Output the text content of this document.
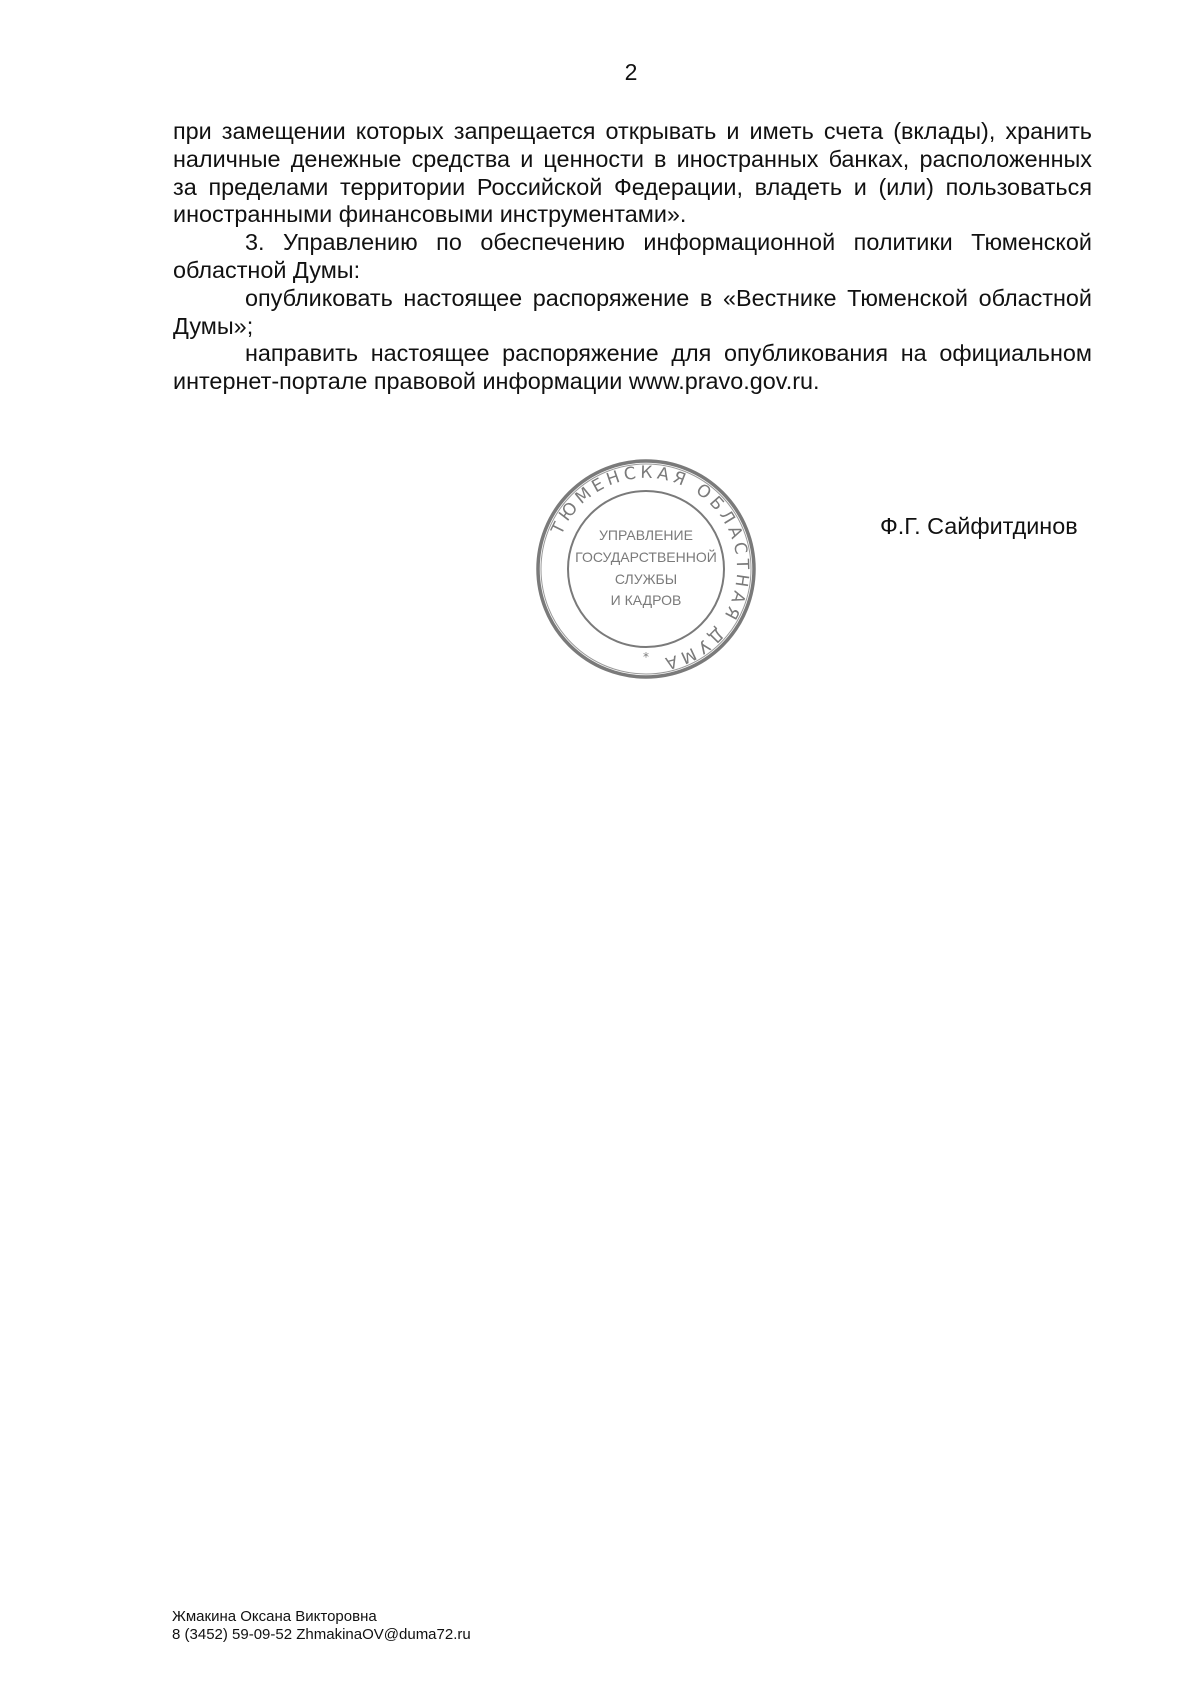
2

при замещении которых запрещается открывать и иметь счета (вклады), хранить наличные денежные средства и ценности в иностранных банках, расположенных за пределами территории Российской Федерации, владеть и (или) пользоваться иностранными финансовыми инструментами».

3. Управлению по обеспечению информационной политики Тюменской областной Думы:

опубликовать настоящее распоряжение в «Вестнике Тюменской областной Думы»;

направить настоящее распоряжение для опубликования на официальном интернет-портале правовой информации www.pravo.gov.ru.

ТЮМЕНСКАЯ ОБЛАСТНАЯ ДУМА
УПРАВЛЕНИЕ
ГОСУДАРСТВЕННОЙ
СЛУЖБЫ
И КАДРОВ
*
Ф.Г. Сайфитдинов
Жмакина Оксана Викторовна
8 (3452) 59-09-52 ZhmakinaOV@duma72.ru
